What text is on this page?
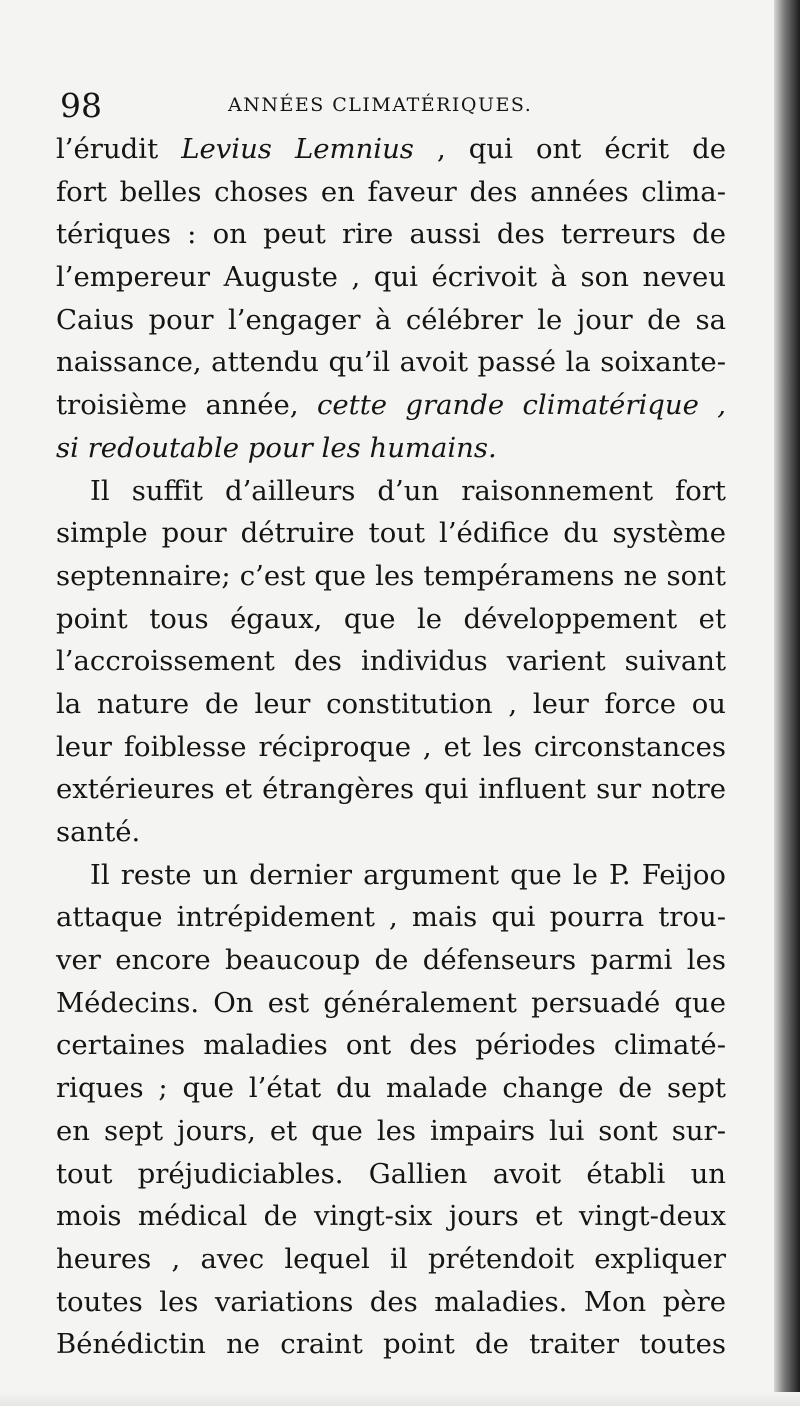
98	ANNÉES CLIMATÉRIQUES.
l’érudit Levius Lemnius , qui ont écrit de
fort belles choses en faveur des années clima-
tériques : on peut rire aussi des terreurs de
l’empereur Auguste , qui écrivoit à son neveu
Caius pour l’engager à célébrer le jour de sa
naissance, attendu qu’il avoit passé la soixante-
troisième année, cette grande climatérique ,
si redoutable pour les humains.
Il suffit d’ailleurs d’un raisonnement fort
simple pour détruire tout l’édifice du système
septennaire; c’est que les tempéramens ne sont
point tous égaux, que le développement et
l’accroissement des individus varient suivant
la nature de leur constitution , leur force ou
leur foiblesse réciproque , et les circonstances
extérieures et étrangères qui influent sur notre
santé.
Il reste un dernier argument que le P. Feijoo
attaque intrépidement , mais qui pourra trou-
ver encore beaucoup de défenseurs parmi les
Médecins. On est généralement persuadé que
certaines maladies ont des périodes climaté-
riques ; que l’état du malade change de sept
en sept jours, et que les impairs lui sont sur-
tout préjudiciables. Gallien avoit établi un
mois médical de vingt-six jours et vingt-deux
heures , avec lequel il prétendoit expliquer
toutes les variations des maladies. Mon père
Bénédictin ne craint point de traiter toutes
